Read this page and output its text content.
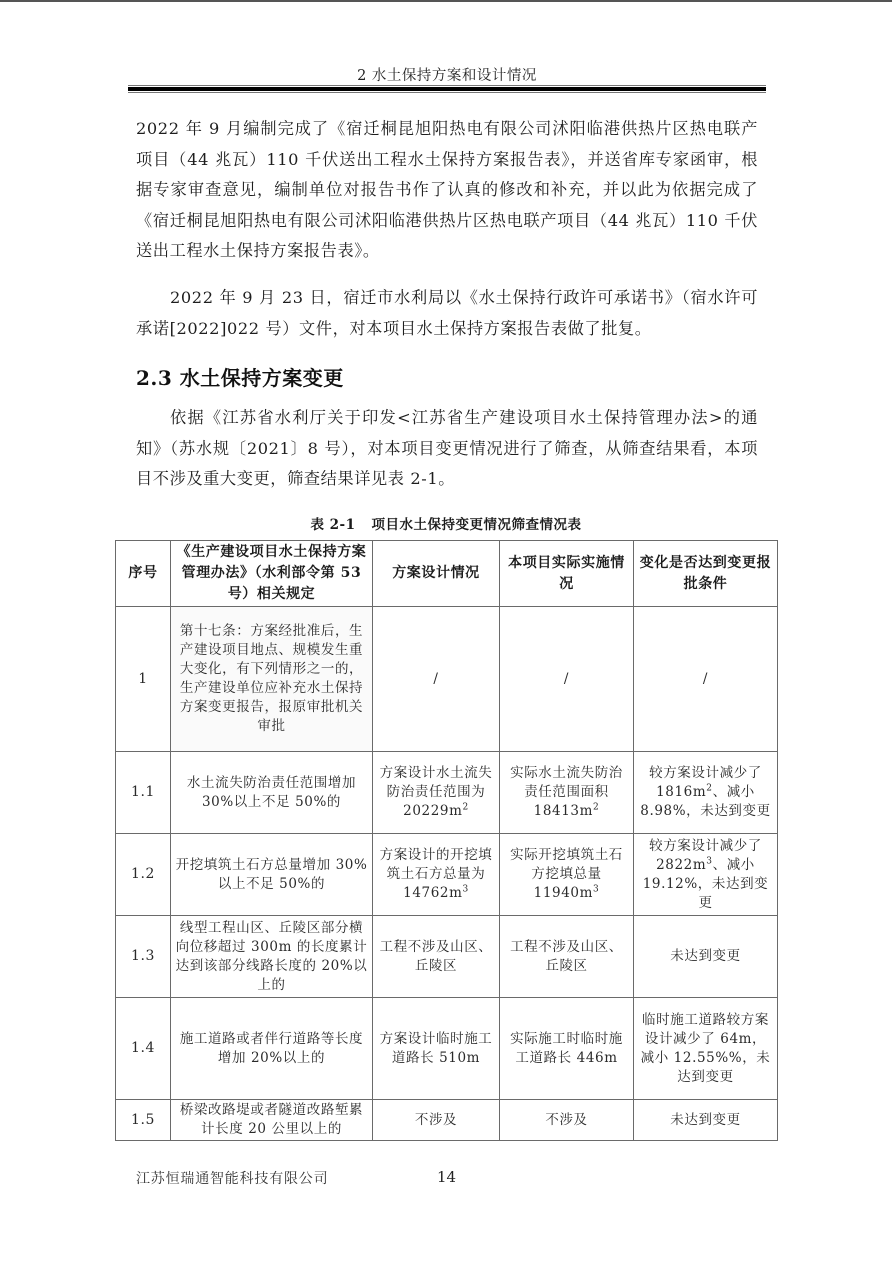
2 水土保持方案和设计情况
2022 年 9 月编制完成了《宿迁桐昆旭阳热电有限公司沭阳临港供热片区热电联产项目（44 兆瓦）110 千伏送出工程水土保持方案报告表》，并送省库专家函审，根据专家审查意见，编制单位对报告书作了认真的修改和补充，并以此为依据完成了《宿迁桐昆旭阳热电有限公司沭阳临港供热片区热电联产项目（44 兆瓦）110 千伏送出工程水土保持方案报告表》。
2022 年 9 月 23 日，宿迁市水利局以《水土保持行政许可承诺书》（宿水许可承诺[2022]022 号）文件，对本项目水土保持方案报告表做了批复。
2.3 水土保持方案变更
依据《江苏省水利厅关于印发<江苏省生产建设项目水土保持管理办法>的通知》（苏水规〔2021〕8 号），对本项目变更情况进行了筛查，从筛查结果看，本项目不涉及重大变更，筛查结果详见表 2-1。
表 2-1 项目水土保持变更情况筛查情况表
序号	《生产建设项目水土保持方案管理办法》（水利部令第 53 号）相关规定	方案设计情况	本项目实际实施情况	变化是否达到变更报批条件
1	第十七条：方案经批准后，生产建设项目地点、规模发生重大变化，有下列情形之一的，生产建设单位应补充水土保持方案变更报告，报原审批机关审批	/	/	/
1.1	水土流失防治责任范围增加 30%以上不足 50%的	方案设计水土流失防治责任范围为 $20229m^2$	实际水土流失防治责任范围面积 $18413m^2$	较方案设计减少了 $1816m^2$、减小 8.98%，未达到变更
1.2	开挖填筑土石方总量增加 30%以上不足 50%的	方案设计的开挖填筑土石方总量为 $14762m^3$	实际开挖填筑土石方挖填总量 $11940m^3$	较方案设计减少了 $2822m^3$、减小 19.12%，未达到变更
1.3	线型工程山区、丘陵区部分横向位移超过 300m 的长度累计达到该部分线路长度的 20%以上的	工程不涉及山区、丘陵区	工程不涉及山区、丘陵区	未达到变更
1.4	施工道路或者伴行道路等长度增加 20%以上的	方案设计临时施工道路长 510m	实际施工时临时施工道路长 446m	临时施工道路较方案设计减少了 64m，减小 12.55%%，未达到变更
1.5	桥梁改路堤或者隧道改路堑累计长度 20 公里以上的	不涉及	不涉及	未达到变更
江苏恒瑞通智能科技有限公司	14
